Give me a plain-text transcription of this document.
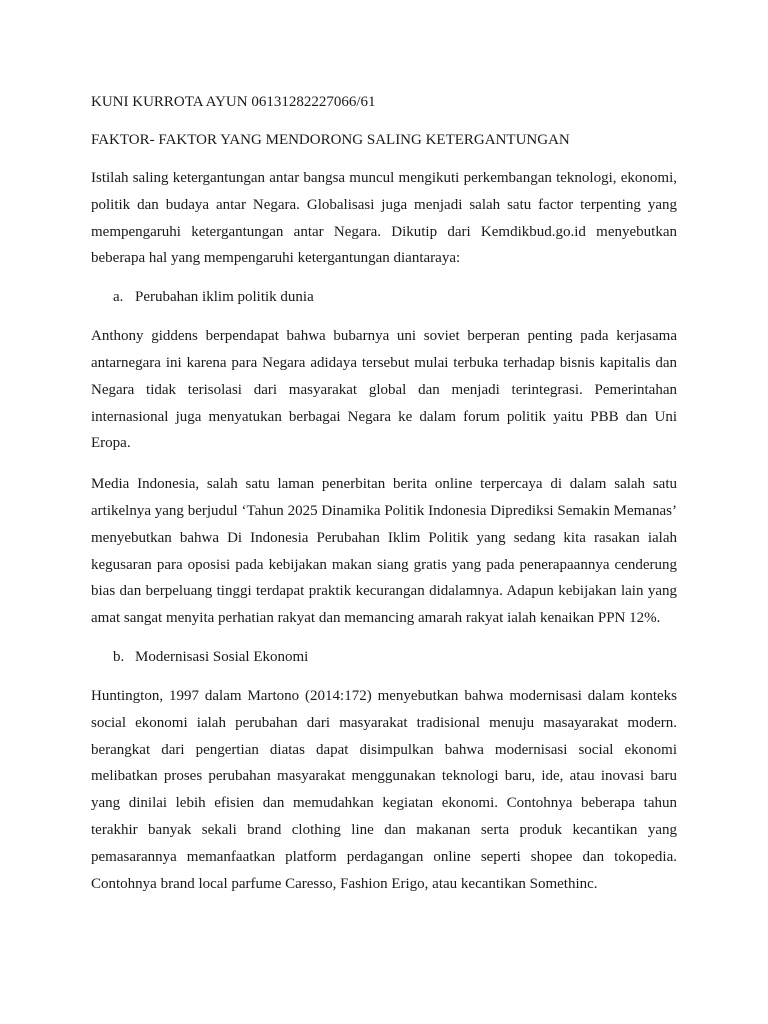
KUNI KURROTA AYUN 06131282227066/61

FAKTOR- FAKTOR YANG MENDORONG SALING KETERGANTUNGAN

Istilah saling ketergantungan antar bangsa muncul mengikuti perkembangan teknologi, ekonomi, politik dan budaya antar Negara. Globalisasi juga menjadi salah satu factor terpenting yang mempengaruhi ketergantungan antar Negara. Dikutip dari Kemdikbud.go.id menyebutkan beberapa hal yang mempengaruhi ketergantungan diantaraya:

a. Perubahan iklim politik dunia

Anthony giddens berpendapat bahwa bubarnya uni soviet berperan penting pada kerjasama antarnegara ini karena para Negara adidaya tersebut mulai terbuka terhadap bisnis kapitalis dan Negara tidak terisolasi dari masyarakat global dan menjadi terintegrasi. Pemerintahan internasional juga menyatukan berbagai Negara ke dalam forum politik yaitu PBB dan Uni Eropa.

Media Indonesia, salah satu laman penerbitan berita online terpercaya di dalam salah satu artikelnya yang berjudul ‘Tahun 2025 Dinamika Politik Indonesia Diprediksi Semakin Memanas’ menyebutkan bahwa Di Indonesia Perubahan Iklim Politik yang sedang kita rasakan ialah kegusaran para oposisi pada kebijakan makan siang gratis yang pada penerapaannya cenderung bias dan berpeluang tinggi terdapat praktik kecurangan didalamnya. Adapun kebijakan lain yang amat sangat menyita perhatian rakyat dan memancing amarah rakyat ialah kenaikan PPN 12%.

b. Modernisasi Sosial Ekonomi

Huntington, 1997 dalam Martono (2014:172) menyebutkan bahwa modernisasi dalam konteks social ekonomi ialah perubahan dari masyarakat tradisional menuju masayarakat modern. berangkat dari pengertian diatas dapat disimpulkan bahwa modernisasi social ekonomi melibatkan proses perubahan masyarakat menggunakan teknologi baru, ide, atau inovasi baru yang dinilai lebih efisien dan memudahkan kegiatan ekonomi. Contohnya beberapa tahun terakhir banyak sekali brand clothing line dan makanan serta produk kecantikan yang pemasarannya memanfaatkan platform perdagangan online seperti shopee dan tokopedia. Contohnya brand local parfume Caresso, Fashion Erigo, atau kecantikan Somethinc.
